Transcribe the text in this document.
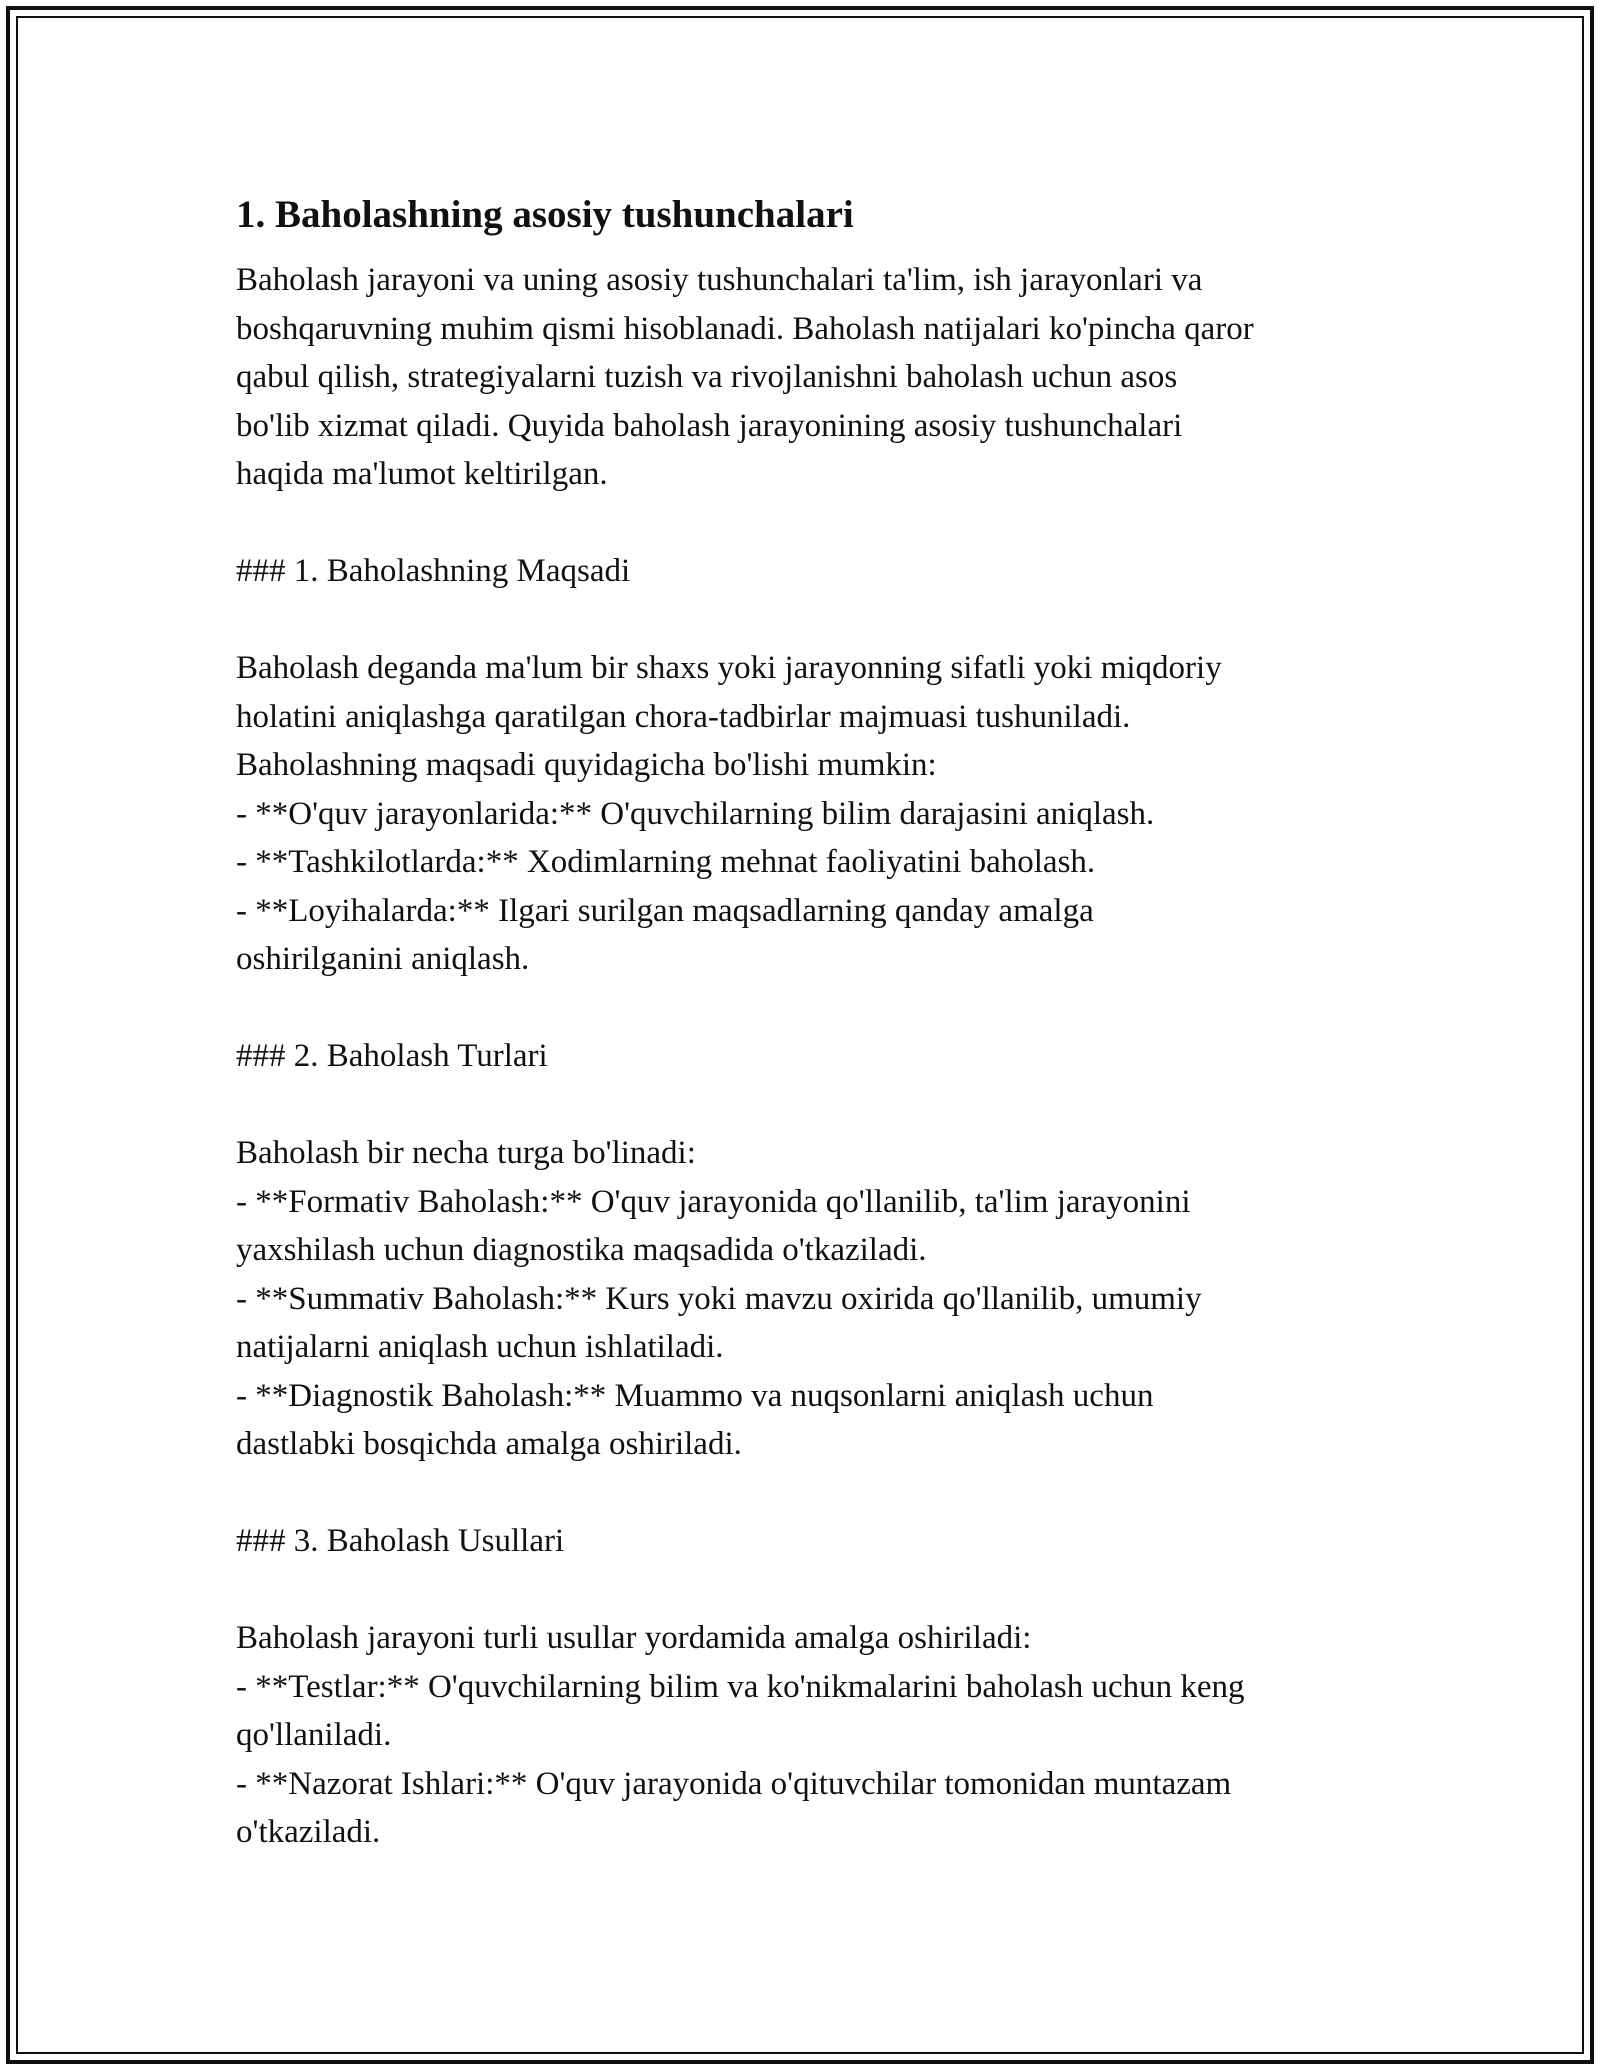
1. Baholashning asosiy tushunchalari
Baholash jarayoni va uning asosiy tushunchalari ta'lim, ish jarayonlari va
boshqaruvning muhim qismi hisoblanadi. Baholash natijalari ko'pincha qaror
qabul qilish, strategiyalarni tuzish va rivojlanishni baholash uchun asos
bo'lib xizmat qiladi. Quyida baholash jarayonining asosiy tushunchalari
haqida ma'lumot keltirilgan.
### 1. Baholashning Maqsadi
Baholash deganda ma'lum bir shaxs yoki jarayonning sifatli yoki miqdoriy
holatini aniqlashga qaratilgan chora-tadbirlar majmuasi tushuniladi.
Baholashning maqsadi quyidagicha bo'lishi mumkin:
- **O'quv jarayonlarida:** O'quvchilarning bilim darajasini aniqlash.
- **Tashkilotlarda:** Xodimlarning mehnat faoliyatini baholash.
- **Loyihalarda:** Ilgari surilgan maqsadlarning qanday amalga
oshirilganini aniqlash.
### 2. Baholash Turlari
Baholash bir necha turga bo'linadi:
- **Formativ Baholash:** O'quv jarayonida qo'llanilib, ta'lim jarayonini
yaxshilash uchun diagnostika maqsadida o'tkaziladi.
- **Summativ Baholash:** Kurs yoki mavzu oxirida qo'llanilib, umumiy
natijalarni aniqlash uchun ishlatiladi.
- **Diagnostik Baholash:** Muammo va nuqsonlarni aniqlash uchun
dastlabki bosqichda amalga oshiriladi.
### 3. Baholash Usullari
Baholash jarayoni turli usullar yordamida amalga oshiriladi:
- **Testlar:** O'quvchilarning bilim va ko'nikmalarini baholash uchun keng
qo'llaniladi.
- **Nazorat Ishlari:** O'quv jarayonida o'qituvchilar tomonidan muntazam
o'tkaziladi.
